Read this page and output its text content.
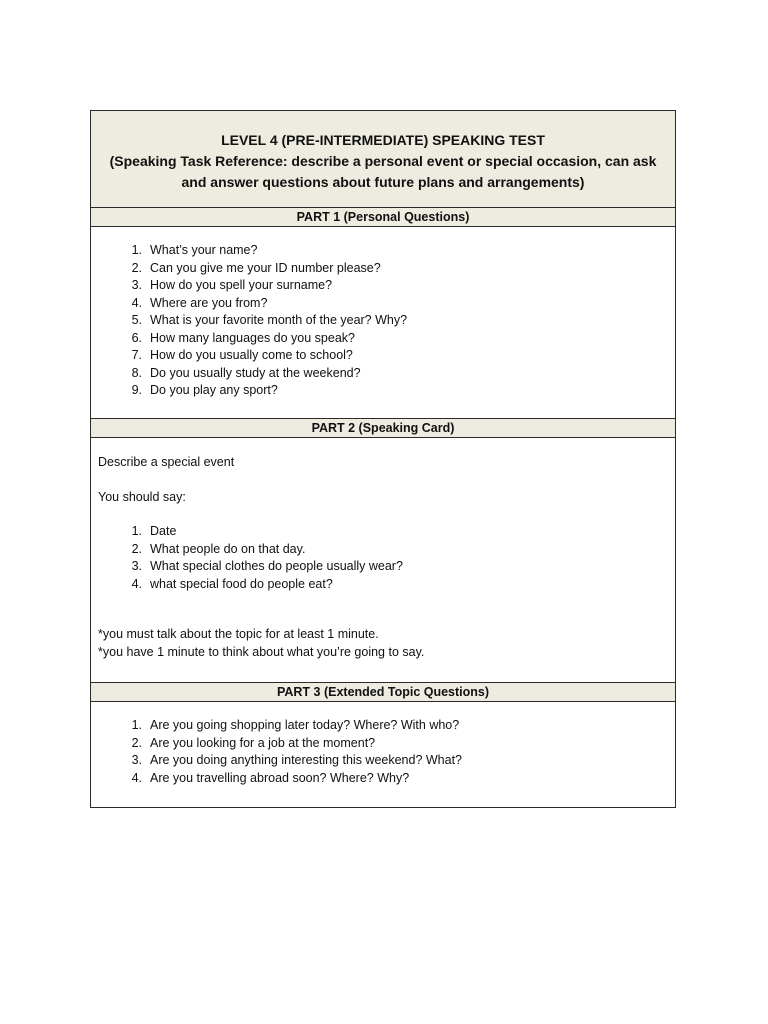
LEVEL 4 (PRE-INTERMEDIATE) SPEAKING TEST
(Speaking Task Reference: describe a personal event or special occasion, can ask
and answer questions about future plans and arrangements)
PART 1 (Personal Questions)
1. What’s your name?
2. Can you give me your ID number please?
3. How do you spell your surname?
4. Where are you from?
5. What is your favorite month of the year? Why?
6. How many languages do you speak?
7. How do you usually come to school?
8. Do you usually study at the weekend?
9. Do you play any sport?
PART 2 (Speaking Card)

Describe a special event

You should say:

1. Date
2. What people do on that day.
3. What special clothes do people usually wear?
4. what special food do people eat?

*you must talk about the topic for at least 1 minute.

*you have 1 minute to think about what you’re going to say.

PART 3 (Extended Topic Questions)
1. Are you going shopping later today? Where? With who?
2. Are you looking for a job at the moment?
3. Are you doing anything interesting this weekend? What?
4. Are you travelling abroad soon? Where? Why?
